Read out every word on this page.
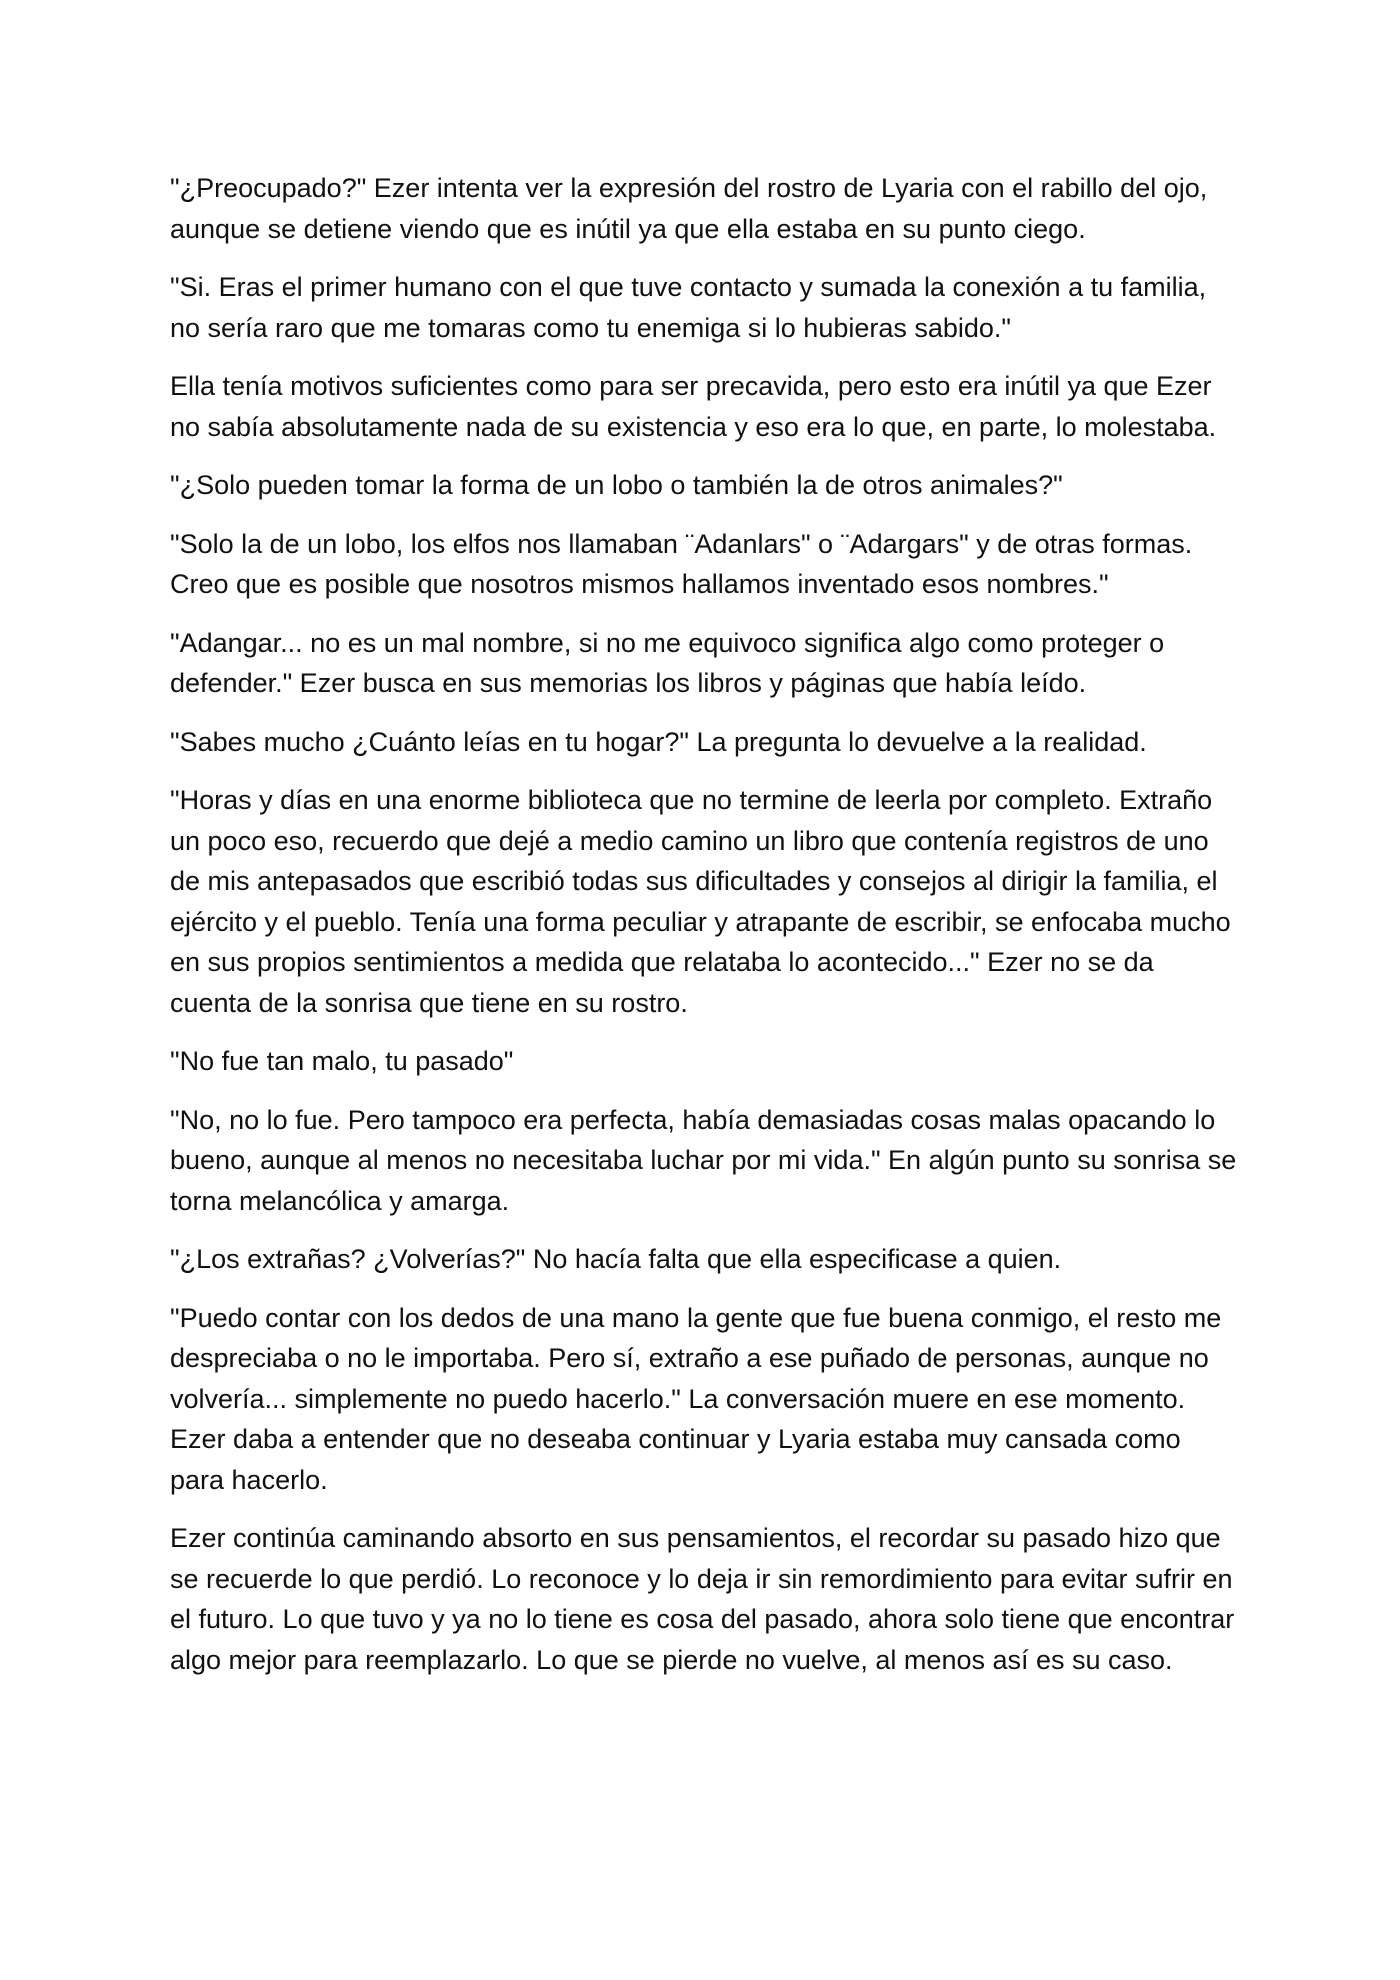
"¿Preocupado?" Ezer intenta ver la expresión del rostro de Lyaria con el rabillo del ojo, aunque se detiene viendo que es inútil ya que ella estaba en su punto ciego.

"Si. Eras el primer humano con el que tuve contacto y sumada la conexión a tu familia, no sería raro que me tomaras como tu enemiga si lo hubieras sabido."

Ella tenía motivos suficientes como para ser precavida, pero esto era inútil ya que Ezer no sabía absolutamente nada de su existencia y eso era lo que, en parte, lo molestaba.

"¿Solo pueden tomar la forma de un lobo o también la de otros animales?"

"Solo la de un lobo, los elfos nos llamaban ¨Adanlars" o ¨Adargars" y de otras formas. Creo que es posible que nosotros mismos hallamos inventado esos nombres."

"Adangar... no es un mal nombre, si no me equivoco significa algo como proteger o defender." Ezer busca en sus memorias los libros y páginas que había leído.

"Sabes mucho ¿Cuánto leías en tu hogar?" La pregunta lo devuelve a la realidad.

"Horas y días en una enorme biblioteca que no termine de leerla por completo. Extraño un poco eso, recuerdo que dejé a medio camino un libro que contenía registros de uno de mis antepasados que escribió todas sus dificultades y consejos al dirigir la familia, el ejército y el pueblo. Tenía una forma peculiar y atrapante de escribir, se enfocaba mucho en sus propios sentimientos a medida que relataba lo acontecido..." Ezer no se da cuenta de la sonrisa que tiene en su rostro.

"No fue tan malo, tu pasado"

"No, no lo fue. Pero tampoco era perfecta, había demasiadas cosas malas opacando lo bueno, aunque al menos no necesitaba luchar por mi vida." En algún punto su sonrisa se torna melancólica y amarga.

"¿Los extrañas? ¿Volverías?" No hacía falta que ella especificase a quien.

"Puedo contar con los dedos de una mano la gente que fue buena conmigo, el resto me despreciaba o no le importaba. Pero sí, extraño a ese puñado de personas, aunque no volvería... simplemente no puedo hacerlo." La conversación muere en ese momento. Ezer daba a entender que no deseaba continuar y Lyaria estaba muy cansada como para hacerlo.

Ezer continúa caminando absorto en sus pensamientos, el recordar su pasado hizo que se recuerde lo que perdió. Lo reconoce y lo deja ir sin remordimiento para evitar sufrir en el futuro. Lo que tuvo y ya no lo tiene es cosa del pasado, ahora solo tiene que encontrar algo mejor para reemplazarlo. Lo que se pierde no vuelve, al menos así es su caso.
